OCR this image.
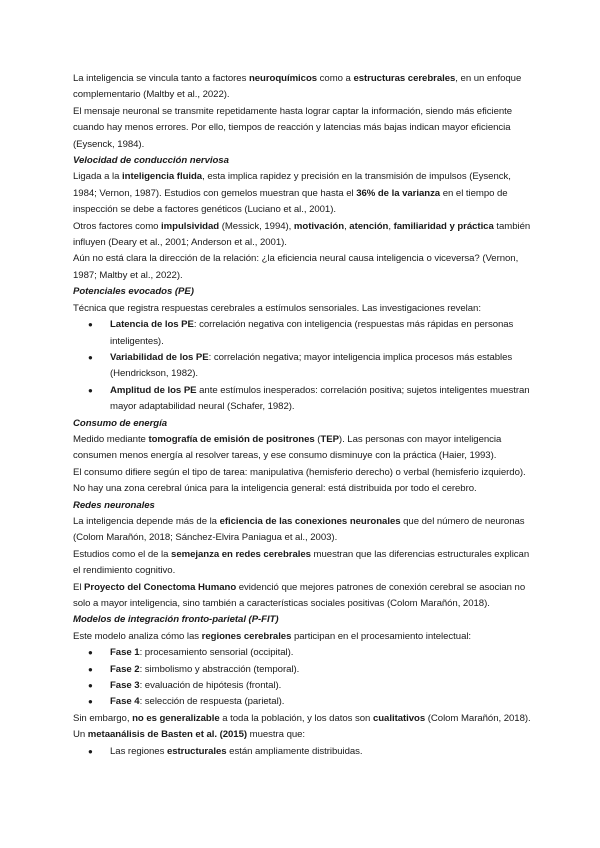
La inteligencia se vincula tanto a factores neuroquímicos como a estructuras cerebrales, en un enfoque complementario (Maltby et al., 2022).

El mensaje neuronal se transmite repetidamente hasta lograr captar la información, siendo más eficiente cuando hay menos errores. Por ello, tiempos de reacción y latencias más bajas indican mayor eficiencia (Eysenck, 1984).

Velocidad de conducción nerviosa

Ligada a la inteligencia fluida, esta implica rapidez y precisión en la transmisión de impulsos (Eysenck, 1984; Vernon, 1987). Estudios con gemelos muestran que hasta el 36% de la varianza en el tiempo de inspección se debe a factores genéticos (Luciano et al., 2001).

Otros factores como impulsividad (Messick, 1994), motivación, atención, familiaridad y práctica también influyen (Deary et al., 2001; Anderson et al., 2001).

Aún no está clara la dirección de la relación: ¿la eficiencia neural causa inteligencia o viceversa? (Vernon, 1987; Maltby et al., 2022).

Potenciales evocados (PE)

Técnica que registra respuestas cerebrales a estímulos sensoriales. Las investigaciones revelan:

● Latencia de los PE: correlación negativa con inteligencia (respuestas más rápidas en personas inteligentes).
● Variabilidad de los PE: correlación negativa; mayor inteligencia implica procesos más estables (Hendrickson, 1982).
● Amplitud de los PE ante estímulos inesperados: correlación positiva; sujetos inteligentes muestran mayor adaptabilidad neural (Schafer, 1982).

Consumo de energía

Medido mediante tomografía de emisión de positrones (TEP). Las personas con mayor inteligencia consumen menos energía al resolver tareas, y ese consumo disminuye con la práctica (Haier, 1993).

El consumo difiere según el tipo de tarea: manipulativa (hemisferio derecho) o verbal (hemisferio izquierdo).

No hay una zona cerebral única para la inteligencia general: está distribuida por todo el cerebro.

Redes neuronales

La inteligencia depende más de la eficiencia de las conexiones neuronales que del número de neuronas (Colom Marañón, 2018; Sánchez-Elvira Paniagua et al., 2003).

Estudios como el de la semejanza en redes cerebrales muestran que las diferencias estructurales explican el rendimiento cognitivo.

El Proyecto del Conectoma Humano evidenció que mejores patrones de conexión cerebral se asocian no solo a mayor inteligencia, sino también a características sociales positivas (Colom Marañón, 2018).

Modelos de integración fronto-parietal (P-FIT)

Este modelo analiza cómo las regiones cerebrales participan en el procesamiento intelectual:

● Fase 1: procesamiento sensorial (occipital).
● Fase 2: simbolismo y abstracción (temporal).
● Fase 3: evaluación de hipótesis (frontal).
● Fase 4: selección de respuesta (parietal).

Sin embargo, no es generalizable a toda la población, y los datos son cualitativos (Colom Marañón, 2018).

Un metaanálisis de Basten et al. (2015) muestra que:

● Las regiones estructurales están ampliamente distribuidas.
